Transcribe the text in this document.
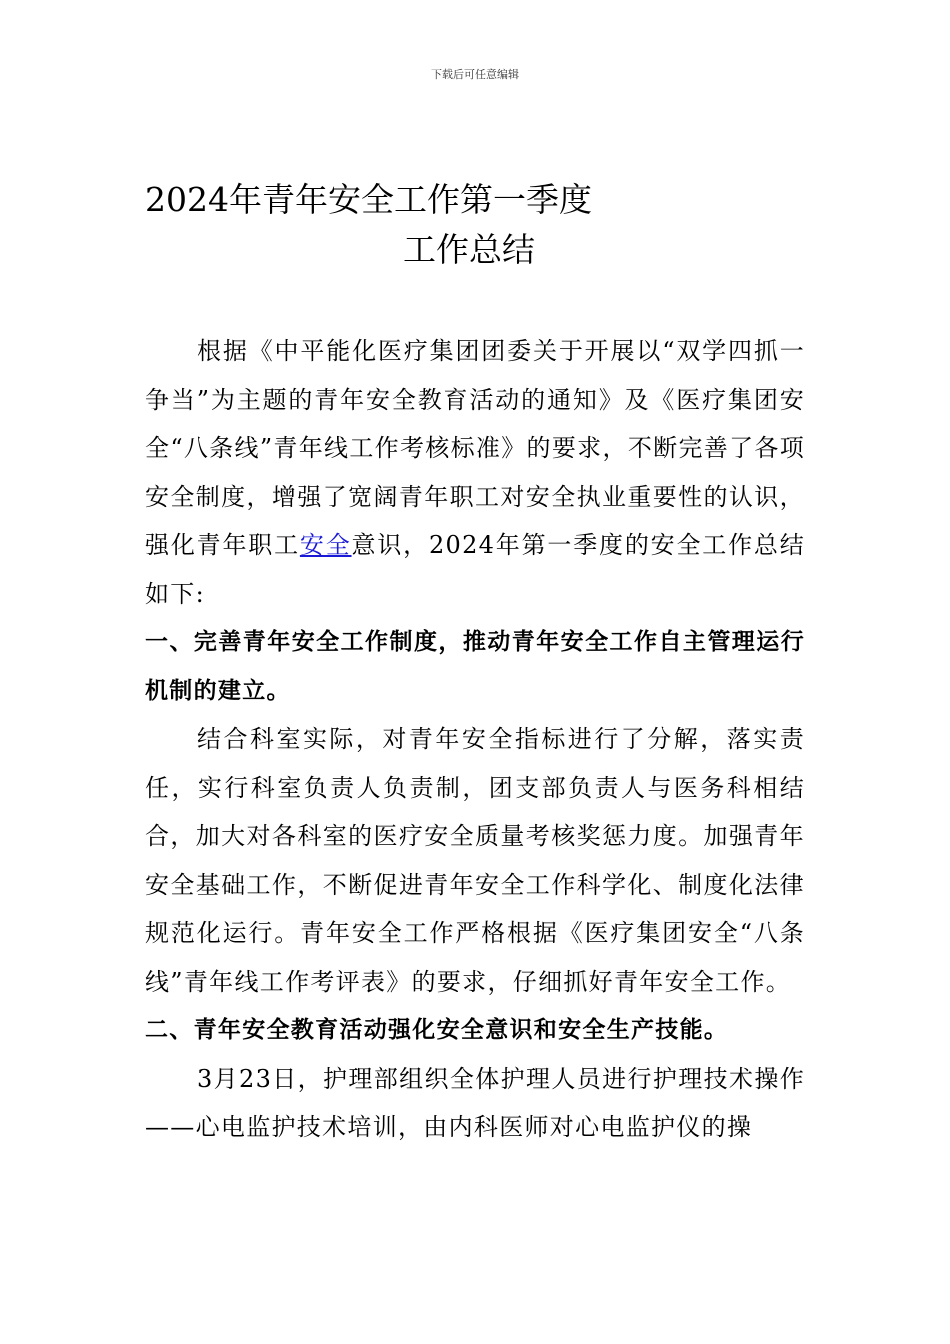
下载后可任意编辑
2024年青年安全工作第一季度
工作总结

根据《中平能化医疗集团团委关于开展以“双学四抓一争当”为主题的青年安全教育活动的通知》及《医疗集团安全“八条线”青年线工作考核标准》的要求，不断完善了各项安全制度，增强了宽阔青年职工对安全执业重要性的认识，强化青年职工安全意识，2024年第一季度的安全工作总结如下:

一、完善青年安全工作制度，推动青年安全工作自主管理运行机制的建立。

结合科室实际，对青年安全指标进行了分解，落实责任，实行科室负责人负责制，团支部负责人与医务科相结合，加大对各科室的医疗安全质量考核奖惩力度。加强青年安全基础工作，不断促进青年安全工作科学化、制度化法律规范化运行。青年安全工作严格根据《医疗集团安全“八条线”青年线工作考评表》的要求，仔细抓好青年安全工作。

二、青年安全教育活动强化安全意识和安全生产技能。

3月23日，护理部组织全体护理人员进行护理技术操作——心电监护技术培训，由内科医师对心电监护仪的操
